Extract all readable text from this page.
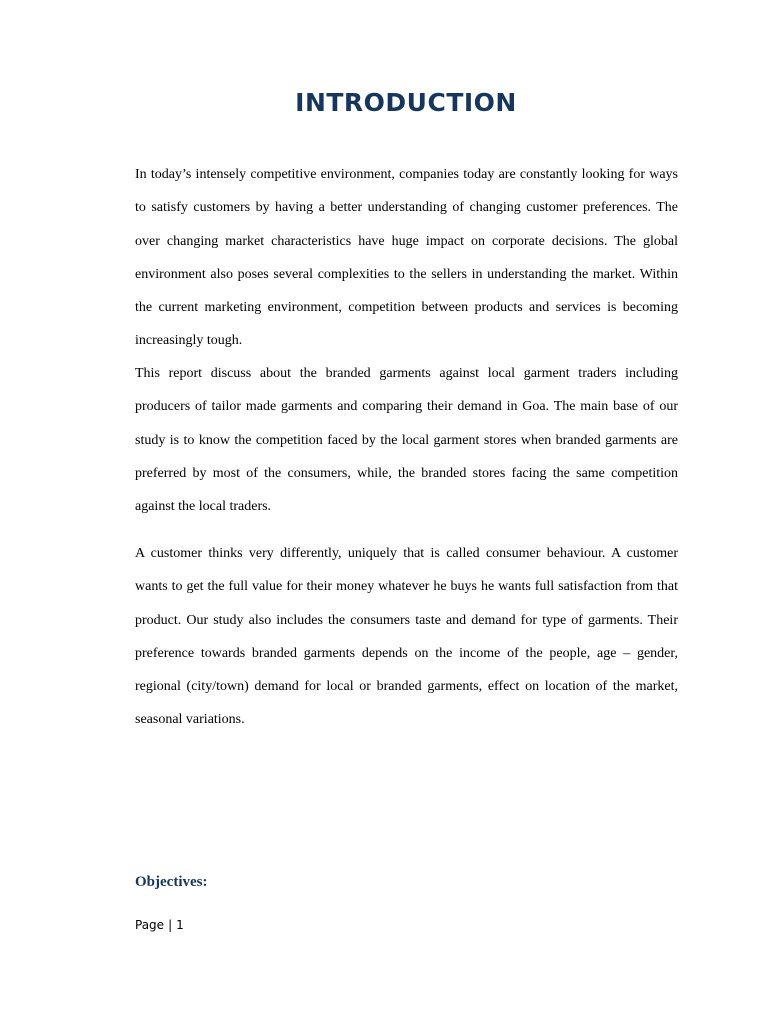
INTRODUCTION

In today’s intensely competitive environment, companies today are constantly looking for ways to satisfy customers by having a better understanding of changing customer preferences. The over changing market characteristics have huge impact on corporate decisions. The global environment also poses several complexities to the sellers in understanding the market. Within the current marketing environment, competition between products and services is becoming increasingly tough.

This report discuss about the branded garments against local garment traders including producers of tailor made garments and comparing their demand in Goa. The main base of our study is to know the competition faced by the local garment stores when branded garments are preferred by most of the consumers, while, the branded stores facing the same competition against the local traders.

A customer thinks very differently, uniquely that is called consumer behaviour. A customer wants to get the full value for their money whatever he buys he wants full satisfaction from that product. Our study also includes the consumers taste and demand for type of garments. Their preference towards branded garments depends on the income of the people, age – gender, regional (city/town) demand for local or branded garments, effect on location of the market, seasonal variations.

Objectives:
Page | 1
